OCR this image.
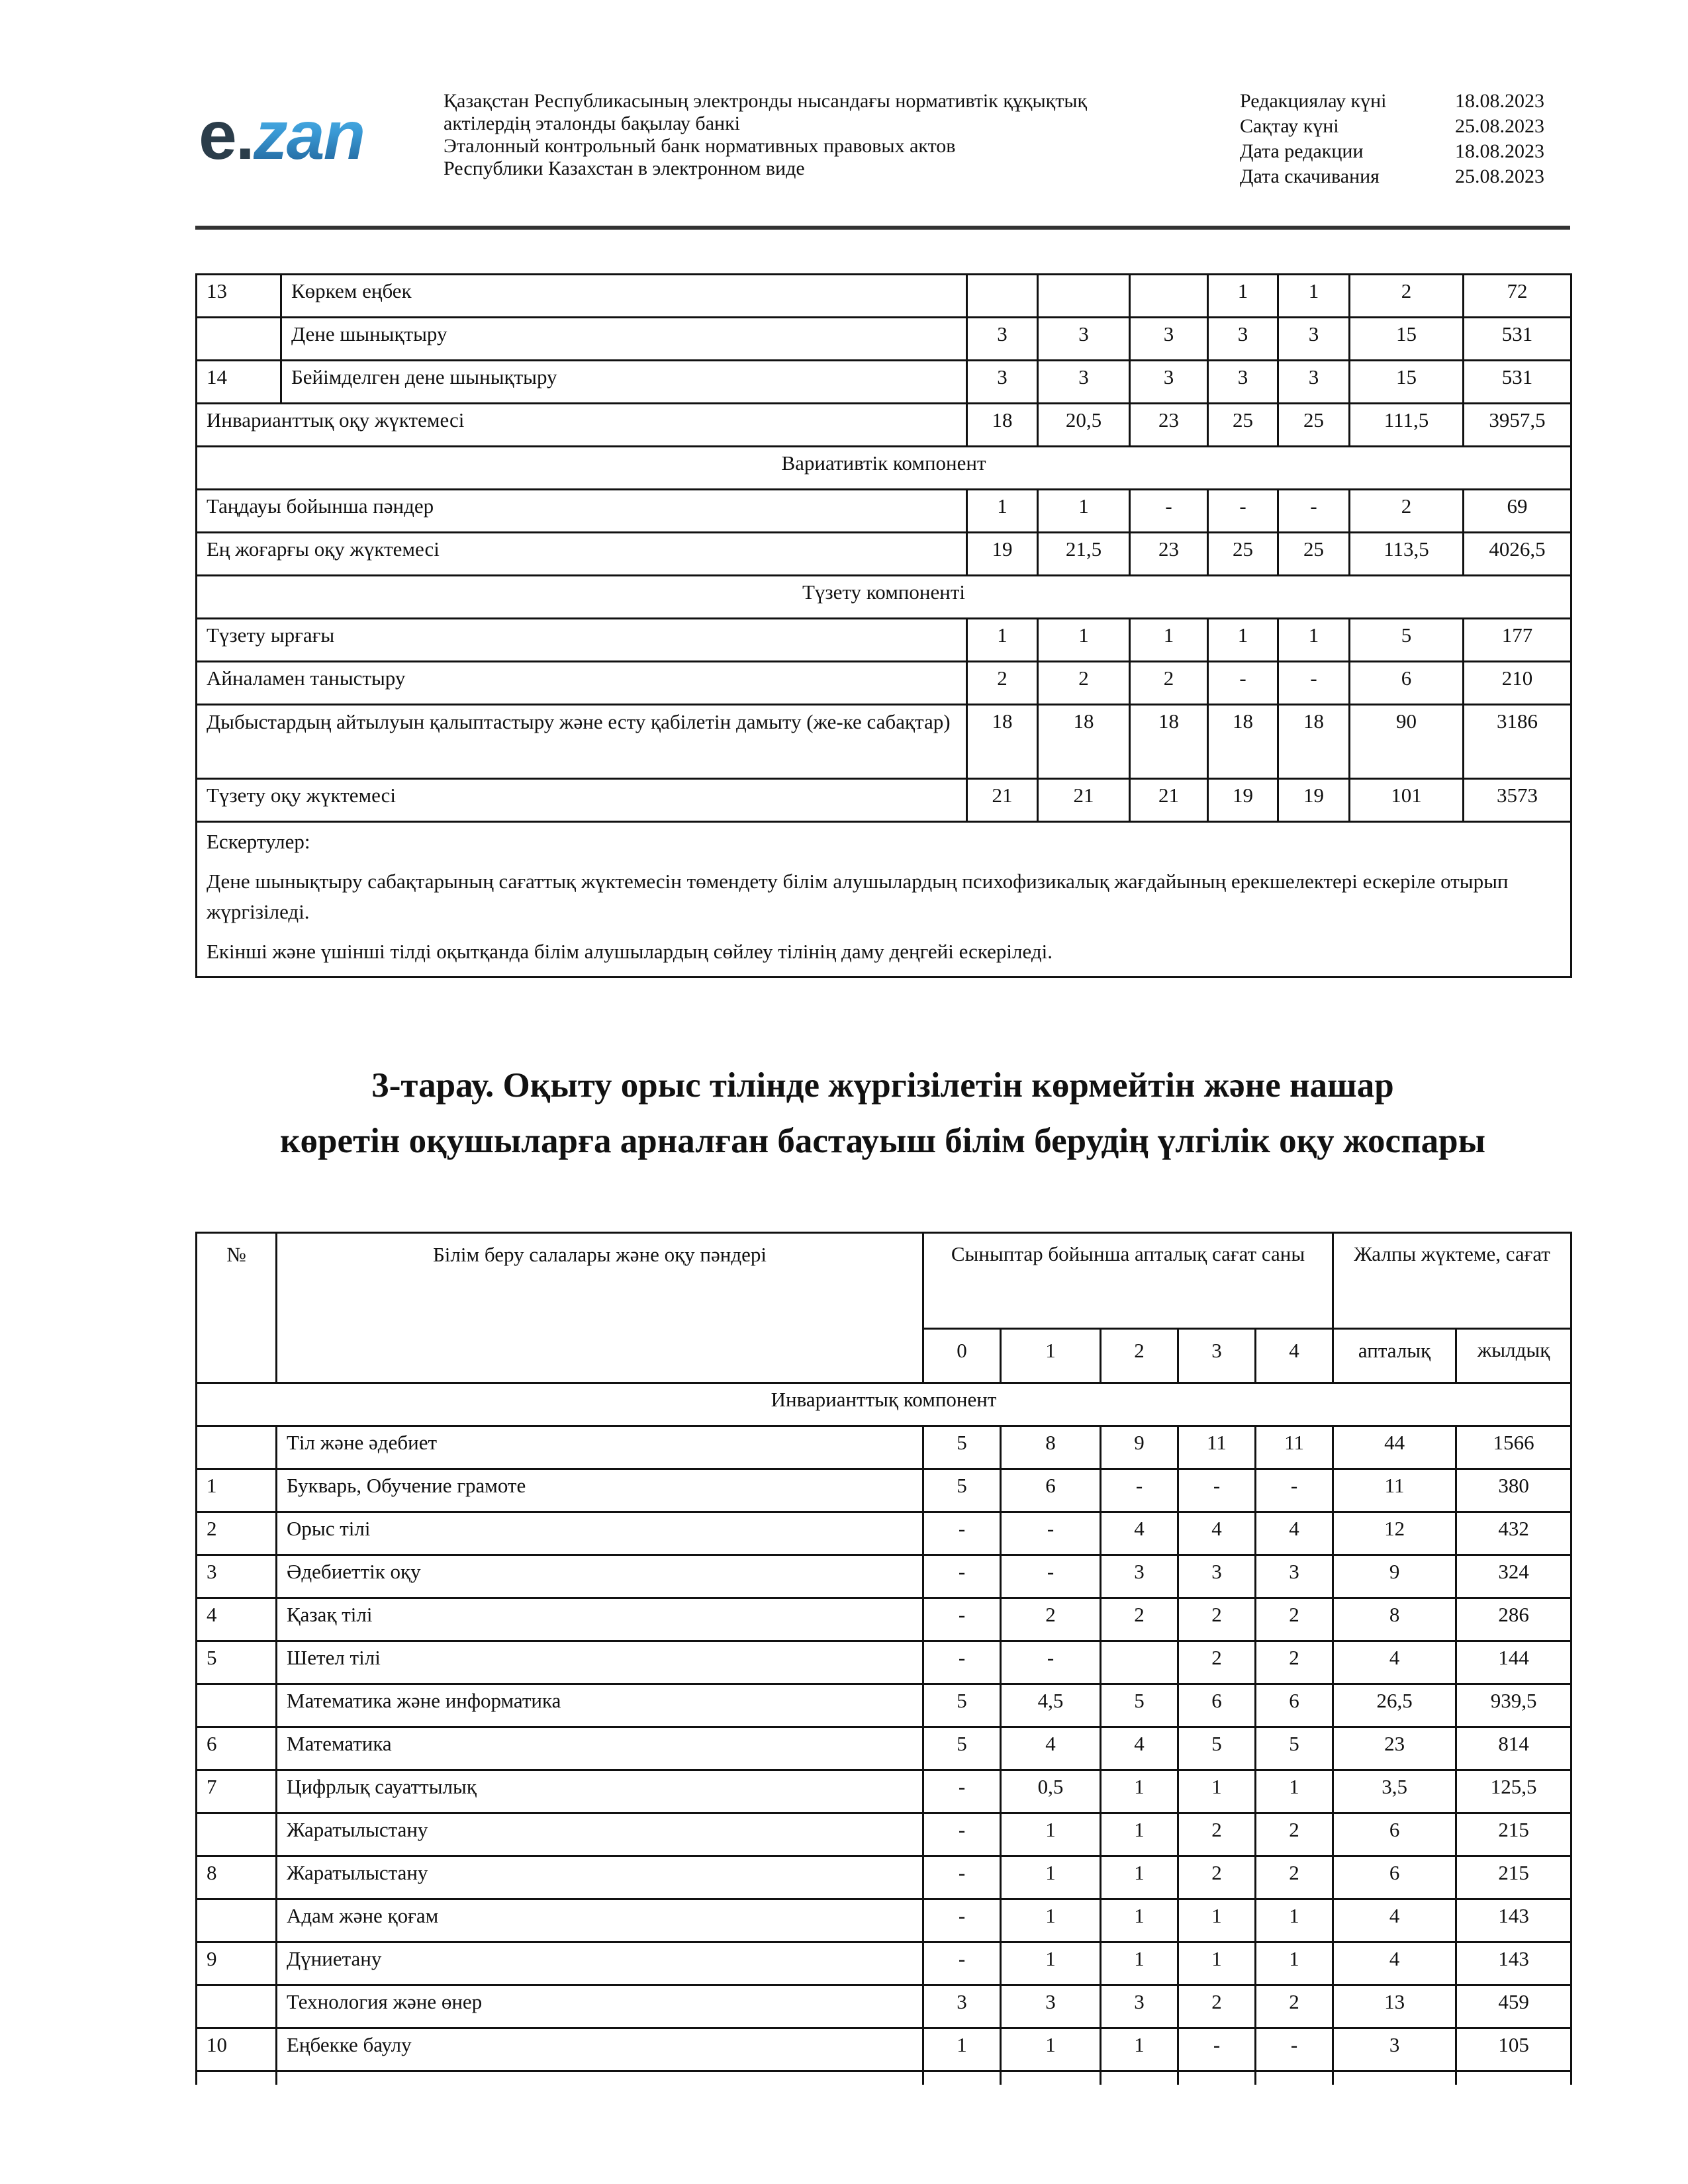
e.zan	Қазақстан Республикасының электронды нысандағы нормативтік құқықтық
актілердің эталонды бақылау банкі
Эталонный контрольный банк нормативных правовых актов
Республики Казахстан в электронном виде
Редакциялау күні	18.08.2023
Сақтау күні	25.08.2023
Дата редакции	18.08.2023
Дата скачивания	25.08.2023
13	Көркем еңбек				1	1	2	72
	Дене шынықтыру	3	3	3	3	3	15	531
14	Бейімделген дене шынықтыру	3	3	3	3	3	15	531
Инварианттық оқу жүктемесі		18	20,5	23	25	25	111,5	3957,5
Вариативтік компонент								
Таңдауы бойынша пәндер		1	1	-	-	-	2	69
Ең жоғарғы оқу жүктемесі		19	21,5	23	25	25	113,5	4026,5
Түзету компоненті								
Түзету ырғағы		1	1	1	1	1	5	177
Айналамен таныстыру		2	2	2	-	-	6	210
Дыбыстардың айтылуын қалыптастыру және есту қабілетін дамыту (же-ке сабақтар)		18	18	18	18	18	90	3186
Түзету оқу жүктемесі		21	21	21	19	19	101	3573

Ескертулер:

Дене шынықтыру сабақтарының сағаттық жүктемесін төмендету білім алушылардың психофизикалық жағдайының ерекшелектері ескеріле отырып жүргізіледі.

Екінші және үшінші тілді оқытқанда білім алушылардың сөйлеу тілінің даму деңгейі ескеріледі.								

3-тарау. Оқыту орыс тілінде жүргізілетін көрмейтін және нашар
көретін оқушыларға арналған бастауыш білім берудің үлгілік оқу жоспары
№	Білім беру салалары және оқу пәндері	Сыныптар бойынша апталық сағат саны					Жалпы жүктеме, сағат	
		0	1	2	3	4	апталық	жылдық
Инварианттық компонент								
	Тіл және әдебиет	5	8	9	11	11	44	1566
1	Букварь, Обучение грамоте	5	6	-	-	-	11	380
2	Орыс тілі	-	-	4	4	4	12	432
3	Әдебиеттік оқу	-	-	3	3	3	9	324
4	Қазақ тілі	-	2	2	2	2	8	286
5	Шетел тілі	-	-		2	2	4	144
	Математика және информатика	5	4,5	5	6	6	26,5	939,5
6	Математика	5	4	4	5	5	23	814
7	Цифрлық сауаттылық	-	0,5	1	1	1	3,5	125,5
	Жаратылыстану	-	1	1	2	2	6	215
8	Жаратылыстану	-	1	1	2	2	6	215
	Адам және қоғам	-	1	1	1	1	4	143
9	Дүниетану	-	1	1	1	1	4	143
	Технология және өнер	3	3	3	2	2	13	459
10	Еңбекке баулу	1	1	1	-	-	3	105
